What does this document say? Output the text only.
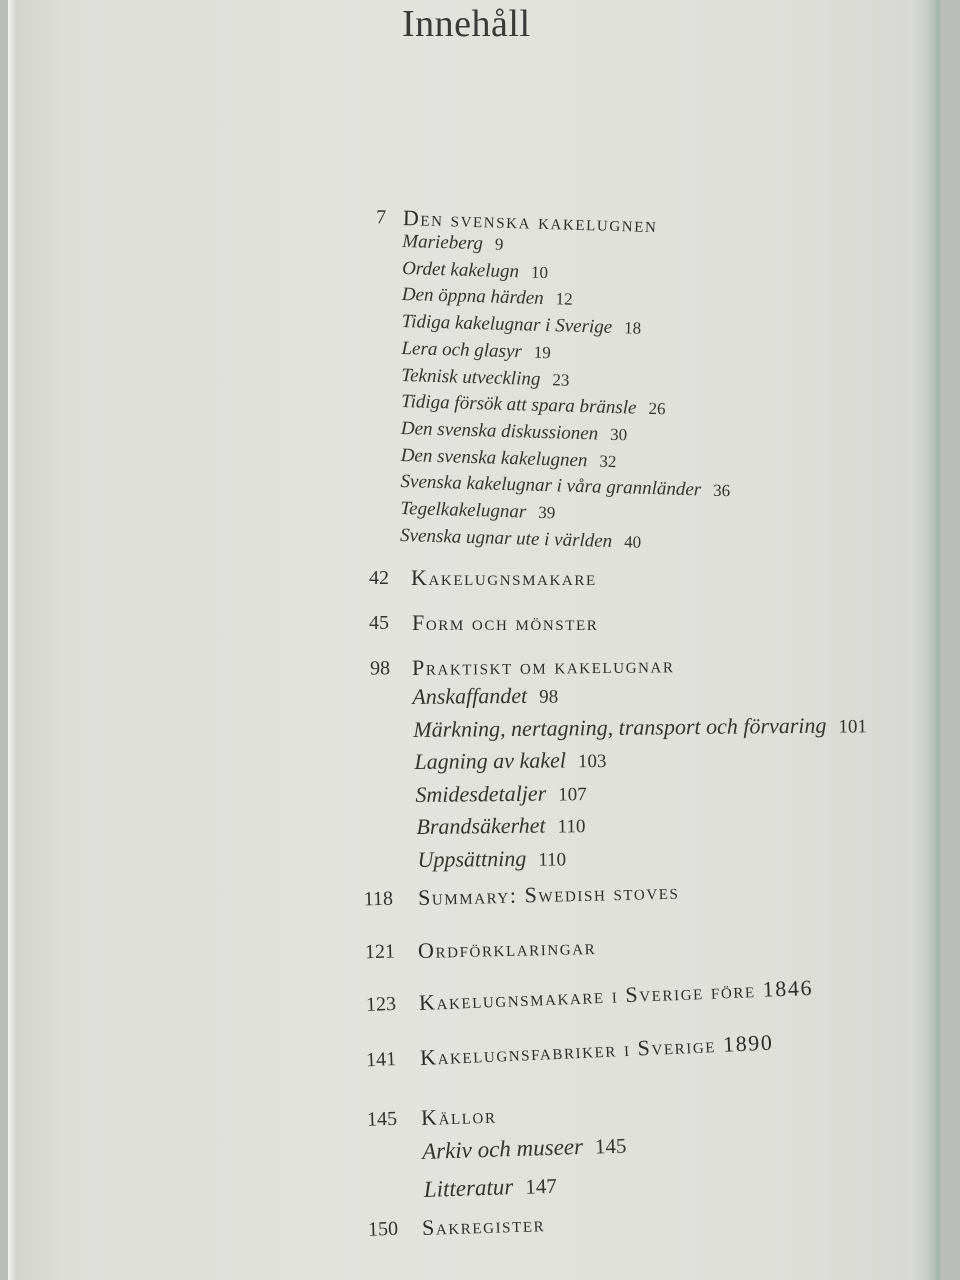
Innehåll
7 Den svenska kakelugnen
Marieberg 9
Ordet kakelugn 10
Den öppna härden 12
Tidiga kakelugnar i Sverige 18
Lera och glasyr 19
Teknisk utveckling 23
Tidiga försök att spara bränsle 26
Den svenska diskussionen 30
Den svenska kakelugnen 32
Svenska kakelugnar i våra grannländer 36
Tegelkakelugnar 39
Svenska ugnar ute i världen 40
42 Kakelugnsmakare
45 Form och mönster
98 Praktiskt om kakelugnar
Anskaffandet 98
Märkning, nertagning, transport och förvaring 101
Lagning av kakel 103
Smidesdetaljer 107
Brandsäkerhet 110
Uppsättning 110
118 Summary: Swedish stoves
121 Ordförklaringar
123 Kakelugnsmakare i Sverige före 1846
141 Kakelugnsfabriker i Sverige 1890
145 Källor
Arkiv och museer 145
Litteratur 147
150 Sakregister
